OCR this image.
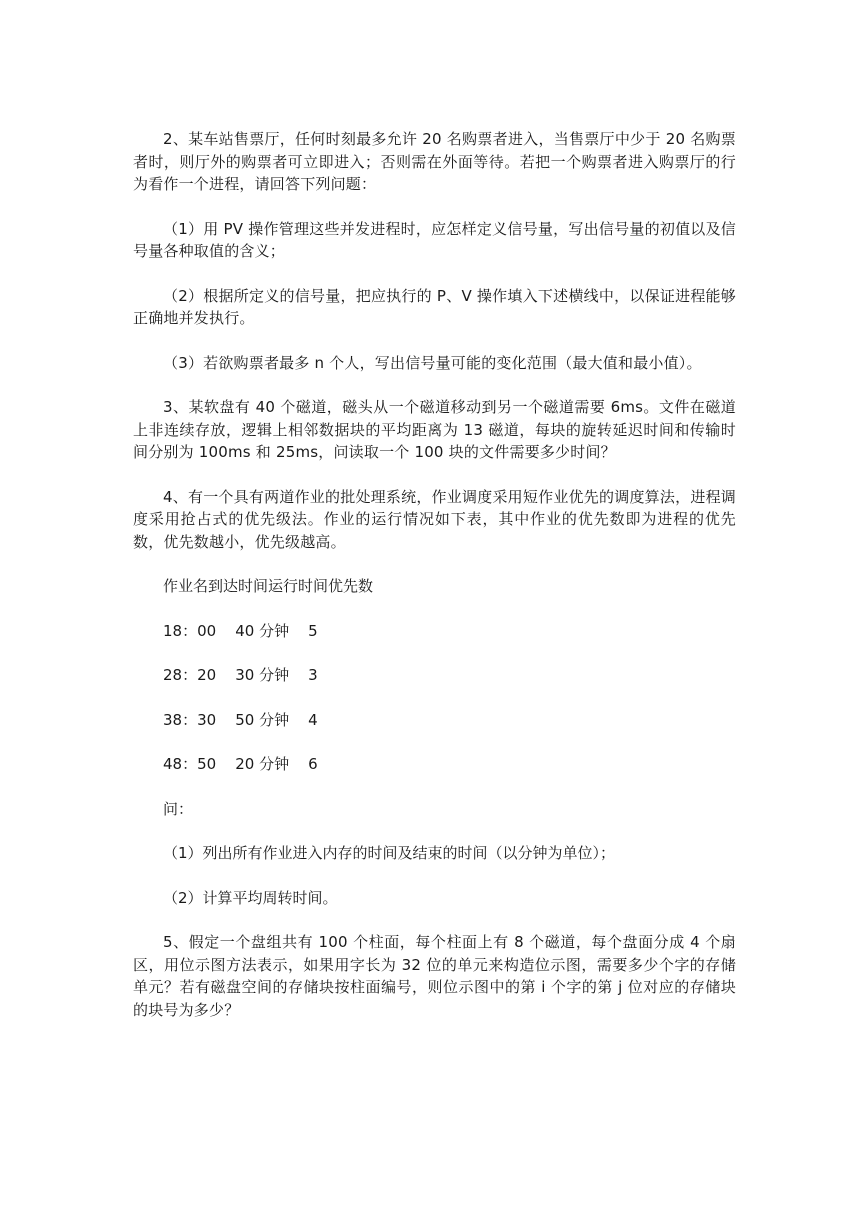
2、某车站售票厅，任何时刻最多允许 20 名购票者进入，当售票厅中少于 20 名购票者时，则厅外的购票者可立即进入；否则需在外面等待。若把一个购票者进入购票厅的行为看作一个进程，请回答下列问题：

（1）用 PV 操作管理这些并发进程时，应怎样定义信号量，写出信号量的初值以及信号量各种取值的含义；

（2）根据所定义的信号量，把应执行的 P、V 操作填入下述横线中，以保证进程能够正确地并发执行。

（3）若欲购票者最多 n 个人，写出信号量可能的变化范围（最大值和最小值）。

3、某软盘有 40 个磁道，磁头从一个磁道移动到另一个磁道需要 6ms。文件在磁道上非连续存放，逻辑上相邻数据块的平均距离为 13 磁道，每块的旋转延迟时间和传输时间分别为 100ms 和 25ms，问读取一个 100 块的文件需要多少时间？

4、有一个具有两道作业的批处理系统，作业调度采用短作业优先的调度算法，进程调度采用抢占式的优先级法。作业的运行情况如下表，其中作业的优先数即为进程的优先数，优先数越小，优先级越高。

作业名到达时间运行时间优先数

18：00    40 分钟    5

28：20    30 分钟    3

38：30    50 分钟    4

48：50    20 分钟    6

问：

（1）列出所有作业进入内存的时间及结束的时间（以分钟为单位）；

（2）计算平均周转时间。

5、假定一个盘组共有 100 个柱面，每个柱面上有 8 个磁道，每个盘面分成 4 个扇区，用位示图方法表示，如果用字长为 32 位的单元来构造位示图，需要多少个字的存储单元？若有磁盘空间的存储块按柱面编号，则位示图中的第 i 个字的第 j 位对应的存储块的块号为多少？
